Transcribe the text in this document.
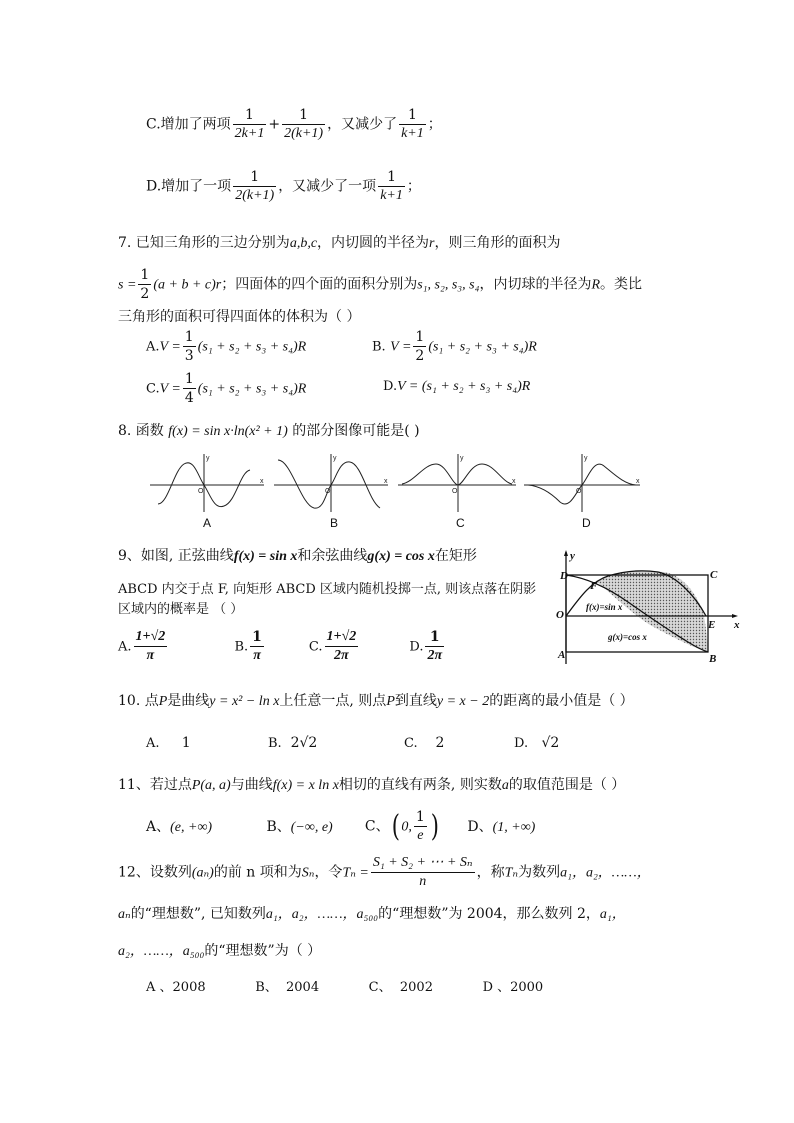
C.增加了两项 $\frac{1}{2k+1} + \frac{1}{2(k+1)}$ ，又减少了 $\frac{1}{k+1}$ ；
D.增加了一项 $\frac{1}{2(k+1)}$ ，又减少了一项 $\frac{1}{k+1}$ ；
7. 已知三角形的三边分别为a,b,c，内切圆的半径为r，则三角形的面积为
$s = \frac{1}{2} (a + b + c)r$；四面体的四个面的面积分别为s₁, s₂, s₃, s₄，内切球的半径为R。类比
三角形的面积可得四面体的体积为（ ）
$A.V = \frac{1}{3} (s_1 + s_2 + s_3 + s_4)R$	B. $V = \frac{1}{2} (s_1 + s_2 + s_3 + s_4)R$
$C.V = \frac{1}{4} (s_1 + s_2 + s_3 + s_4)R$	D.V = (s₁ + s₂ + s₃ + s₄)R
8. 函数 f(x) = sin x·ln(x² + 1) 的部分图像可能是( )
y
x
O
y
x
O
y
x
O
y
x
O
A	B	C	D
9、如图, 正弦曲线f(x) = sin x和余弦曲线g(x) = cos x在矩形
ABCD 内交于点 F, 向矩形 ABCD 区域内随机投掷一点, 则该点落在阴影
区域内的概率是 （ ）
A. $\frac{1+√2}{\pi}$	B. $\frac{1}{\pi}$	C. $\frac{1+√2}{2\pi}$	D. $\frac{1}{2\pi}$
y
x
D	C
F
O
E
A	B
f(x)=sin x
g(x)=cos x
10. 点P是曲线y = x² − ln x上任意一点, 则点P到直线y = x − 2的距离的最小值是（ ）
A. 1	B. 2√2	C. 2	D. √2
11、若过点P(a, a)与曲线f(x) = x ln x相切的直线有两条, 则实数a的取值范围是（ ）
A、(e, +∞)	B、(−∞, e) C、( 0, $\frac{1}{e}$ ) D、(1, +∞)
12、设数列(aₙ)的前 n 项和为Sₙ，令$T_n = \frac{\text{S₁ + S₂ + ⋯ + Sₙ}}{n}$ ，称Tₙ为数列a₁，a₂，……，
aₙ的“理想数”, 已知数列a₁，a₂，……，a₅₀₀的“理想数”为 2004，那么数列 2，a₁，
a₂，……，a₅₀₀的“理想数”为（ ）
A 、2008            B、  2004            C、  2002            D 、2000
